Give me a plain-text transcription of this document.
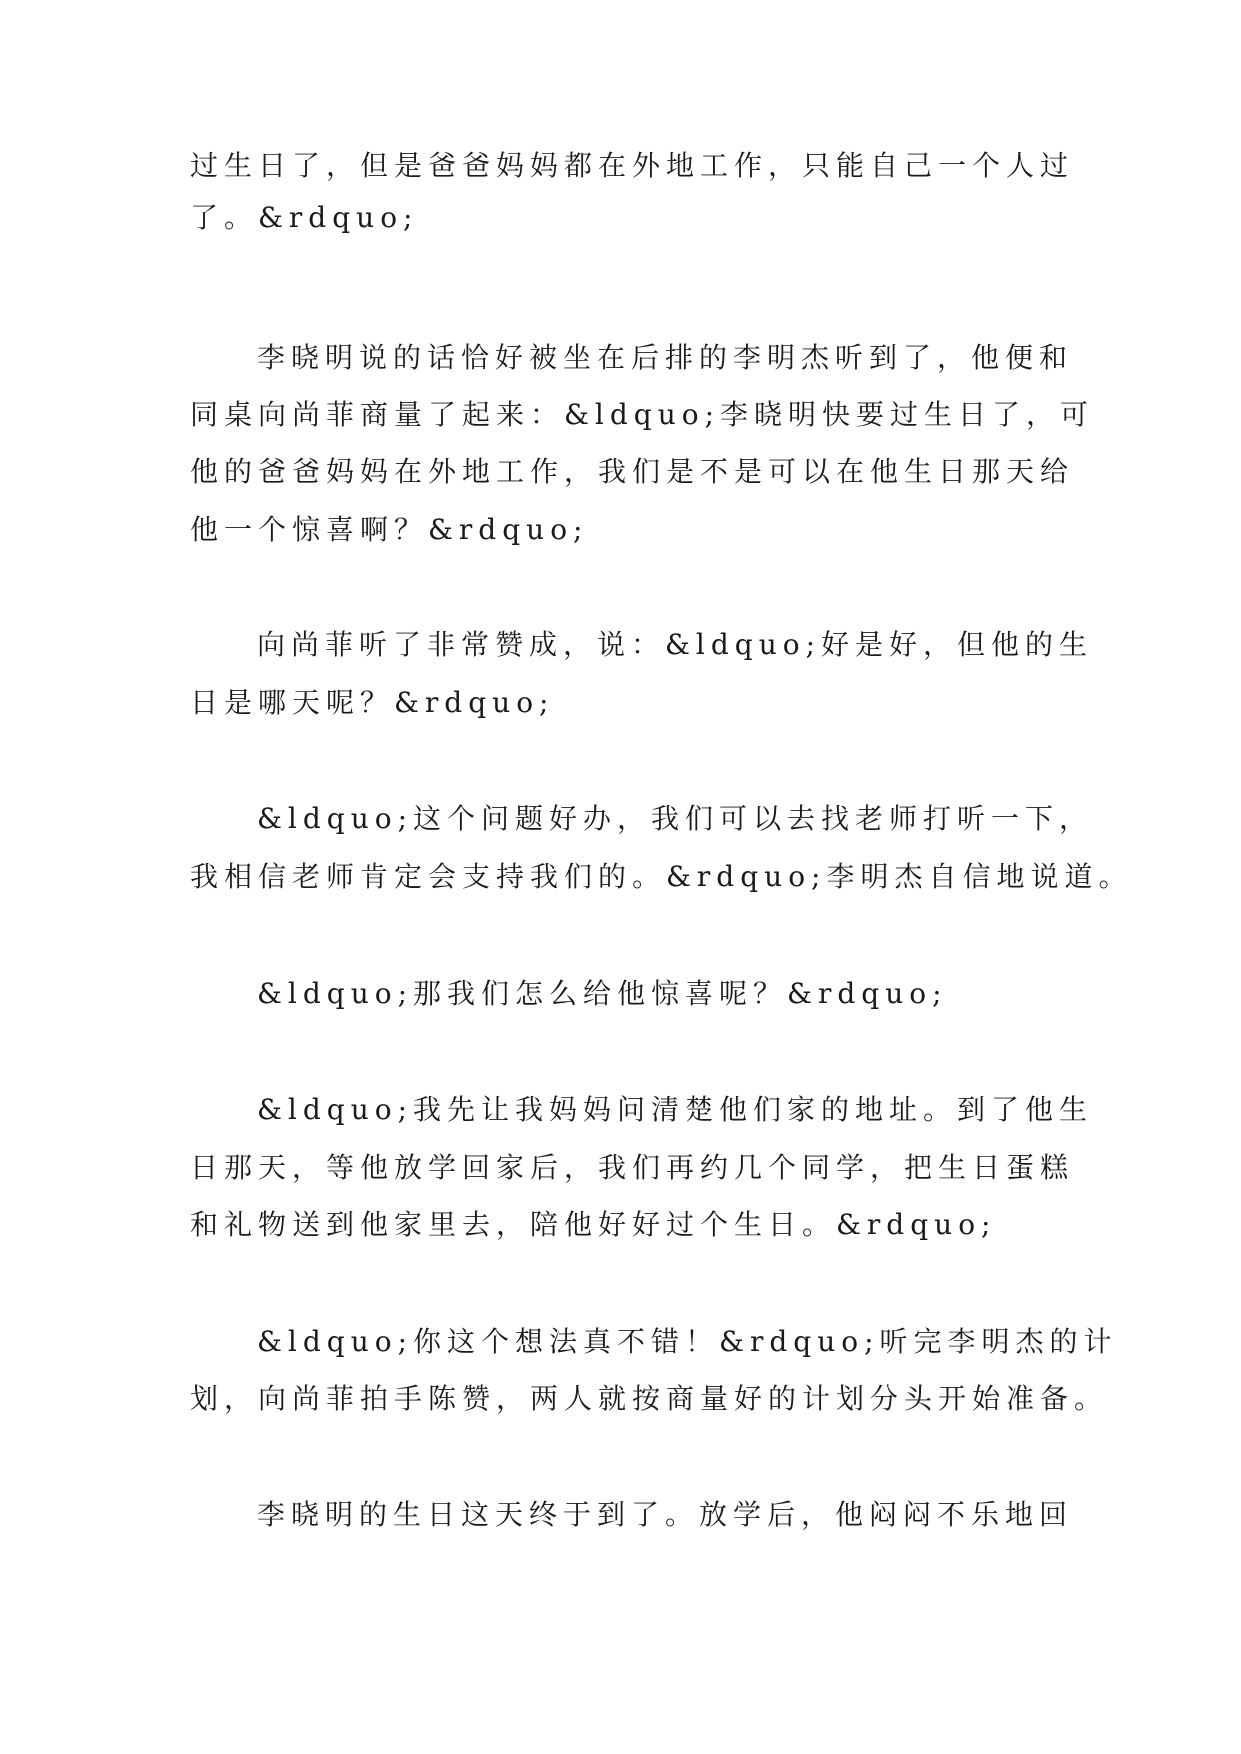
过生日了，但是爸爸妈妈都在外地工作，只能自己一个人过
了。&rdquo;
李晓明说的话恰好被坐在后排的李明杰听到了，他便和
同桌向尚菲商量了起来：&ldquo;李晓明快要过生日了，可
他的爸爸妈妈在外地工作，我们是不是可以在他生日那天给
他一个惊喜啊？&rdquo;
向尚菲听了非常赞成，说：&ldquo;好是好，但他的生
日是哪天呢？&rdquo;
&ldquo;这个问题好办，我们可以去找老师打听一下，
我相信老师肯定会支持我们的。&rdquo;李明杰自信地说道。
&ldquo;那我们怎么给他惊喜呢？&rdquo;
&ldquo;我先让我妈妈问清楚他们家的地址。到了他生
日那天，等他放学回家后，我们再约几个同学，把生日蛋糕
和礼物送到他家里去，陪他好好过个生日。&rdquo;
&ldquo;你这个想法真不错！&rdquo;听完李明杰的计
划，向尚菲拍手陈赞，两人就按商量好的计划分头开始准备。
李晓明的生日这天终于到了。放学后，他闷闷不乐地回
